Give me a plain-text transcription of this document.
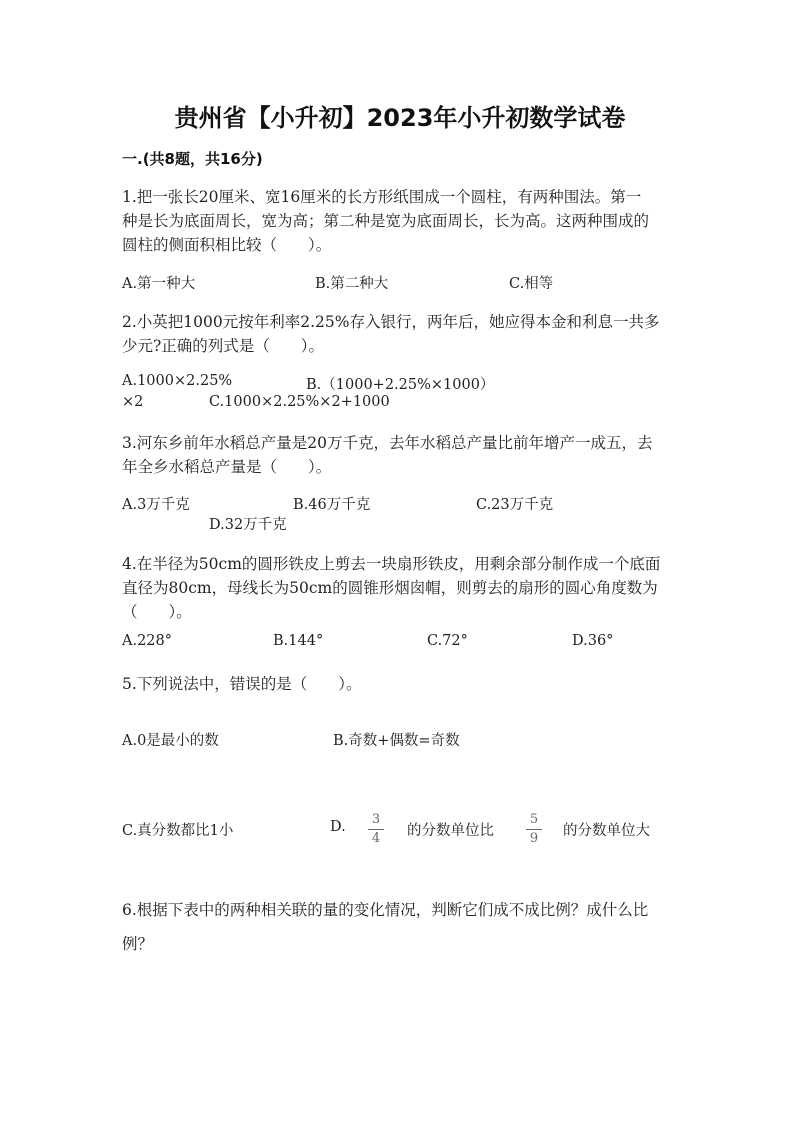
贵州省【小升初】2023年小升初数学试卷
一.(共8题，共16分)
1.把一张长20厘米、宽16厘米的长方形纸围成一个圆柱，有两种围法。第一
种是长为底面周长，宽为高；第二种是宽为底面周长，长为高。这两种围成的
圆柱的侧面积相比较（　　）。
A.第一种大	B.第二种大	C.相等
2.小英把1000元按年利率2.25%存入银行，两年后，她应得本金和利息一共多
少元?正确的列式是（　　）。
A.1000×2.25%	B.（1000+2.25%×1000）
×2	C.1000×2.25%×2+1000
3.河东乡前年水稻总产量是20万千克，去年水稻总产量比前年增产一成五，去
年全乡水稻总产量是（　　）。
A.3万千克	B.46万千克	C.23万千克
D.32万千克
4.在半径为50cm的圆形铁皮上剪去一块扇形铁皮，用剩余部分制作成一个底面
直径为80cm，母线长为50cm的圆锥形烟囱帽，则剪去的扇形的圆心角度数为
（　　）。
A.228°	B.144°	C.72°	D.36°
5.下列说法中，错误的是（　　）。
A.0是最小的数	B.奇数+偶数=奇数
C.真分数都比1小	D. 3
4 的分数单位比
5
9 的分数单位大
6.根据下表中的两种相关联的量的变化情况，判断它们成不成比例？成什么比
例？
